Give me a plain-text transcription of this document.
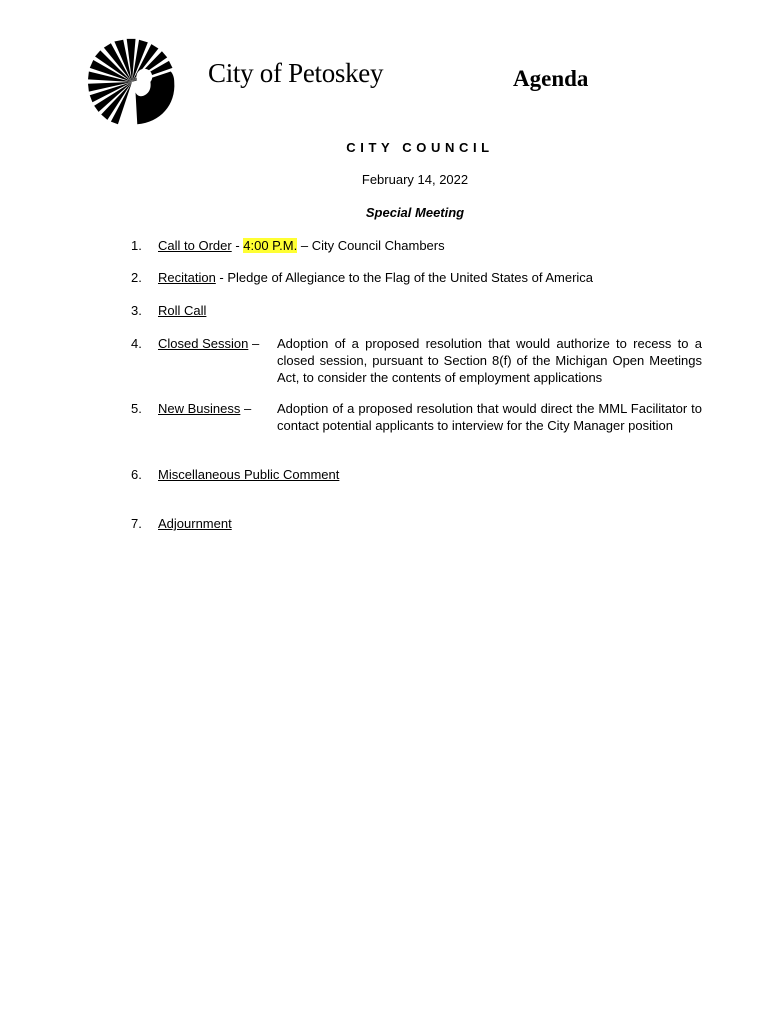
City of Petoskey	Agenda
CITY COUNCIL
February 14, 2022
Special Meeting
1. Call to Order - 4:00 P.M. – City Council Chambers
2. Recitation - Pledge of Allegiance to the Flag of the United States of America
3. Roll Call
4. Closed Session – Adoption of a proposed resolution that would authorize to recess to a closed session, pursuant to Section 8(f) of the Michigan Open Meetings Act, to consider the contents of employment applications
5. New Business – Adoption of a proposed resolution that would direct the MML Facilitator to contact potential applicants to interview for the City Manager position
6. Miscellaneous Public Comment
7. Adjournment
